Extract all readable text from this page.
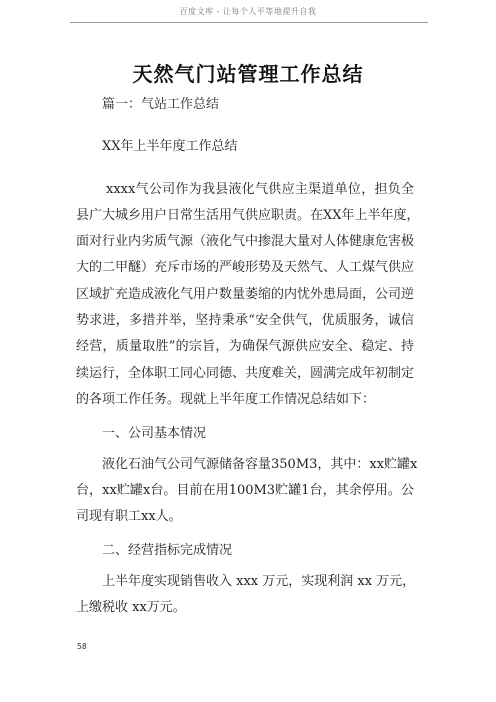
百度文库 - 让每个人平等地提升自我
天然气门站管理工作总结
篇一：气站工作总结
XX年上半年度工作总结
xxxx气公司作为我县液化气供应主渠道单位，担负全
县广大城乡用户日常生活用气供应职责。在XX年上半年度，
面对行业内劣质气源（液化气中掺混大量对人体健康危害极
大的二甲醚）充斥市场的严峻形势及天然气、人工煤气供应
区域扩充造成液化气用户数量萎缩的内忧外患局面，公司逆
势求进，多措并举，坚持秉承“安全供气，优质服务，诚信
经营，质量取胜”的宗旨，为确保气源供应安全、稳定、持
续运行，全体职工同心同德、共度难关，圆满完成年初制定
的各项工作任务。现就上半年度工作情况总结如下：
一、公司基本情况
液化石油气公司气源储备容量350M3，其中：xx贮罐x
台，xx贮罐x台。目前在用100M3贮罐1台，其余停用。公
司现有职工xx人。
二、经营指标完成情况
上半年度实现销售收入 xxx 万元，实现利润 xx 万元，
上缴税收 xx万元。
58
